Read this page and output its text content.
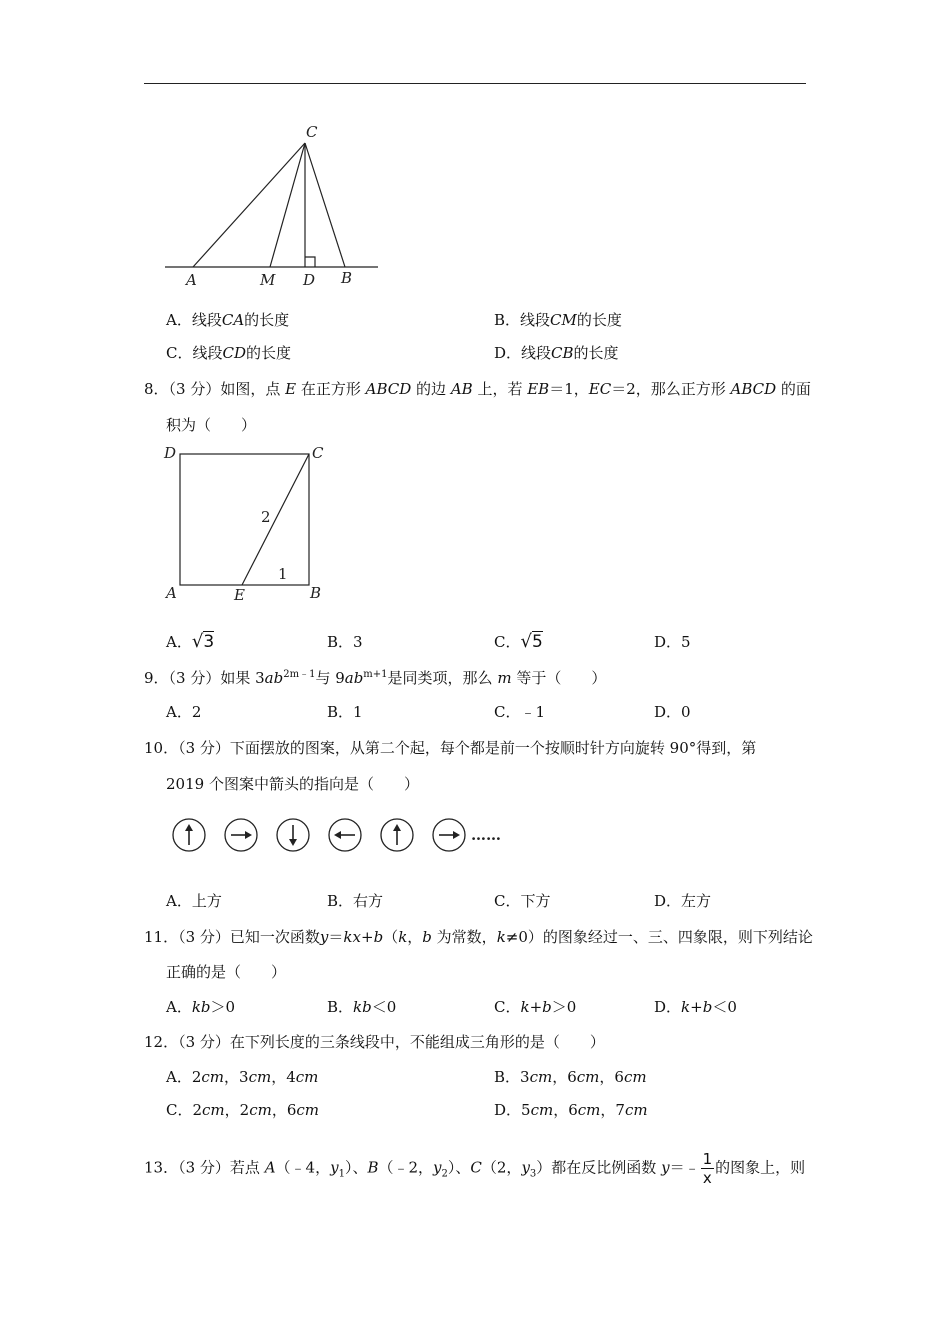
C
A	M D B
A．线段CA的长度	B．线段CM的长度
C．线段CD的长度	D．线段CB的长度
8．（3 分）如图，点 E 在正方形 ABCD 的边 AB 上，若 EB＝1，EC＝2，那么正方形 ABCD 的面
积为（　　）
D	C
A	E	B
2
1
A．√3	B．3	C．√5	D．5
9．（3 分）如果 $3ab^{2m﹣1}$与 $9ab^{m+1}$是同类项，那么 m 等于（　　）
A．2	B．1	C．﹣1	D．0
10．（3 分）下面摆放的图案，从第二个起，每个都是前一个按顺时针方向旋转 90°得到，第
2019 个图案中箭头的指向是（　　）
……
A．上方	B．右方	C．下方	D．左方
11．（3 分）已知一次函数y＝kx+b（k，b 为常数，k≠0）的图象经过一、三、四象限，则下列结论
正确的是（　　）
A．kb＞0	B．kb＜0	C．k+b＞0	D．k+b＜0
12．（3 分）在下列长度的三条线段中，不能组成三角形的是（　　）
A．2cm，3cm，4cm	B．3cm，6cm，6cm
C．2cm，2cm，6cm	D．5cm，6cm，7cm
13．（3 分）若点 A（﹣4，$y_1$）、B（﹣2，$y_2$）、C（2，$y_3$）都在反比例函数 y＝﹣ $\frac{1}{x}$ 的图象上，则
